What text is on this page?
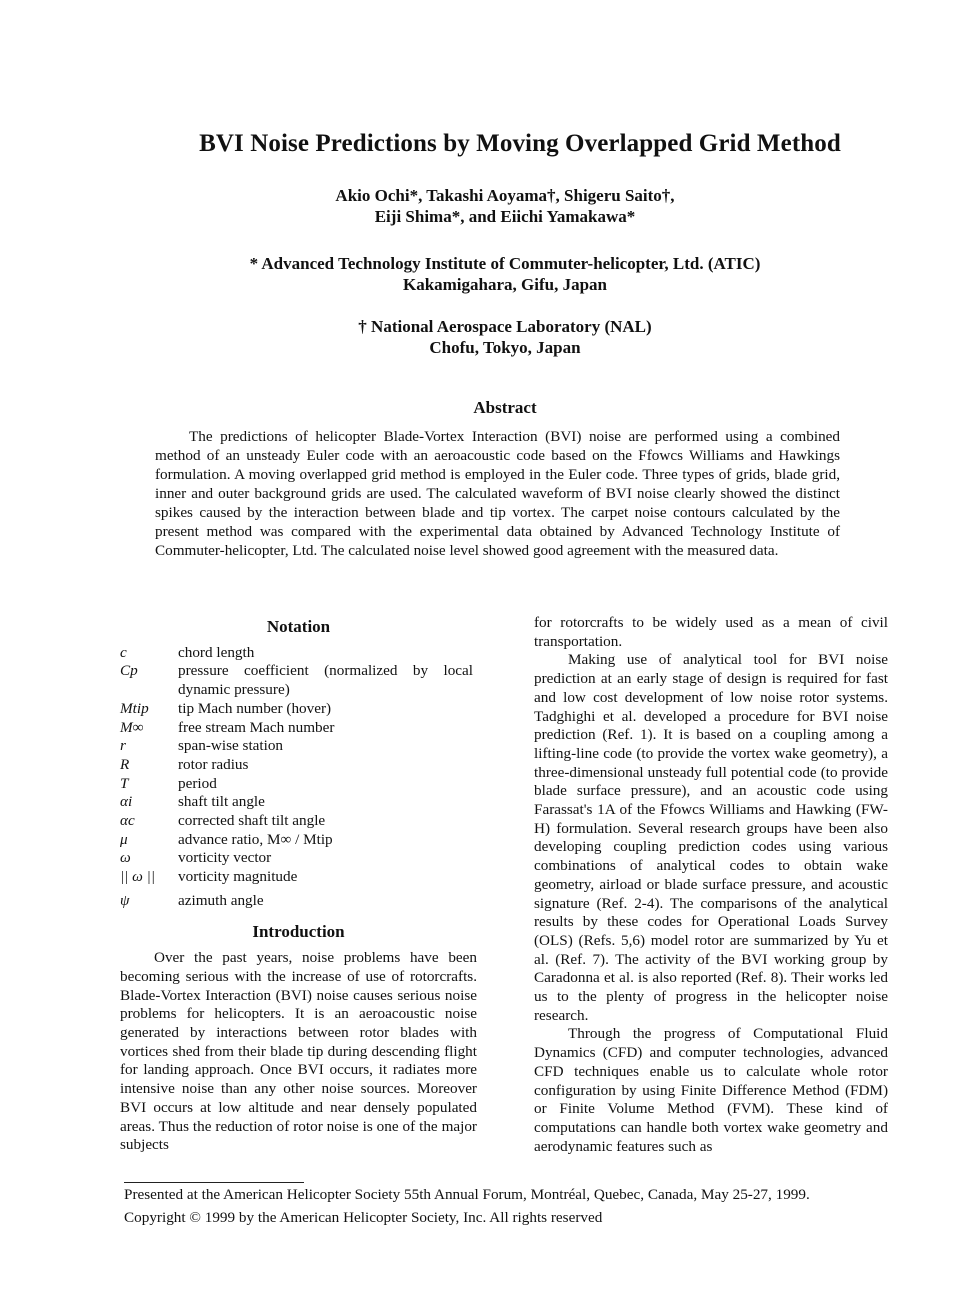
BVI Noise Predictions by Moving Overlapped Grid Method
Akio Ochi*, Takashi Aoyama†, Shigeru Saito†,
Eiji Shima*, and Eiichi Yamakawa*
* Advanced Technology Institute of Commuter-helicopter, Ltd. (ATIC)
Kakamigahara, Gifu, Japan
† National Aerospace Laboratory (NAL)
Chofu, Tokyo, Japan
Abstract
The predictions of helicopter Blade-Vortex Interaction (BVI) noise are performed using a combined method of an unsteady Euler code with an aeroacoustic code based on the Ffowcs Williams and Hawkings formulation. A moving overlapped grid method is employed in the Euler code. Three types of grids, blade grid, inner and outer background grids are used. The calculated waveform of BVI noise clearly showed the distinct spikes caused by the interaction between blade and tip vortex. The carpet noise contours calculated by the present method was compared with the experimental data obtained by Advanced Technology Institute of Commuter-helicopter, Ltd. The calculated noise level showed good agreement with the measured data.
Notation
c	chord length
Cp	pressure coefficient (normalized by local dynamic pressure)
Mtip	tip Mach number (hover)
M∞	free stream Mach number
r	span-wise station
R	rotor radius
T	period
αi	shaft tilt angle
αc	corrected shaft tilt angle
μ	advance ratio, M∞ / Mtip
ω	vorticity vector
|| ω ||	vorticity magnitude
ψ	azimuth angle
Introduction

Over the past years, noise problems have been becoming serious with the increase of use of rotorcrafts. Blade-Vortex Interaction (BVI) noise causes serious noise problems for helicopters. It is an aeroacoustic noise generated by interactions between rotor blades with vortices shed from their blade tip during descending flight for landing approach. Once BVI occurs, it radiates more intensive noise than any other noise sources. Moreover BVI occurs at low altitude and near densely populated areas. Thus the reduction of rotor noise is one of the major subjects

for rotorcrafts to be widely used as a mean of civil transportation.

Making use of analytical tool for BVI noise prediction at an early stage of design is required for fast and low cost development of low noise rotor systems. Tadghighi et al. developed a procedure for BVI noise prediction (Ref. 1). It is based on a coupling among a lifting-line code (to provide the vortex wake geometry), a three-dimensional unsteady full potential code (to provide blade surface pressure), and an acoustic code using Farassat's 1A of the Ffowcs Williams and Hawking (FW-H) formulation. Several research groups have been also developing coupling prediction codes using various combinations of analytical codes to obtain wake geometry, airload or blade surface pressure, and acoustic signature (Ref. 2-4). The comparisons of the analytical results by these codes for Operational Loads Survey (OLS) (Refs. 5,6) model rotor are summarized by Yu et al. (Ref. 7). The activity of the BVI working group by Caradonna et al. is also reported (Ref. 8). Their works led us to the plenty of progress in the helicopter noise research.

Through the progress of Computational Fluid Dynamics (CFD) and computer technologies, advanced CFD techniques enable us to calculate whole rotor configuration by using Finite Difference Method (FDM) or Finite Volume Method (FVM). These kind of computations can handle both vortex wake geometry and aerodynamic features such as

Presented at the American Helicopter Society 55th Annual Forum, Montréal, Quebec, Canada, May 25-27, 1999.
Copyright © 1999 by the American Helicopter Society, Inc. All rights reserved
